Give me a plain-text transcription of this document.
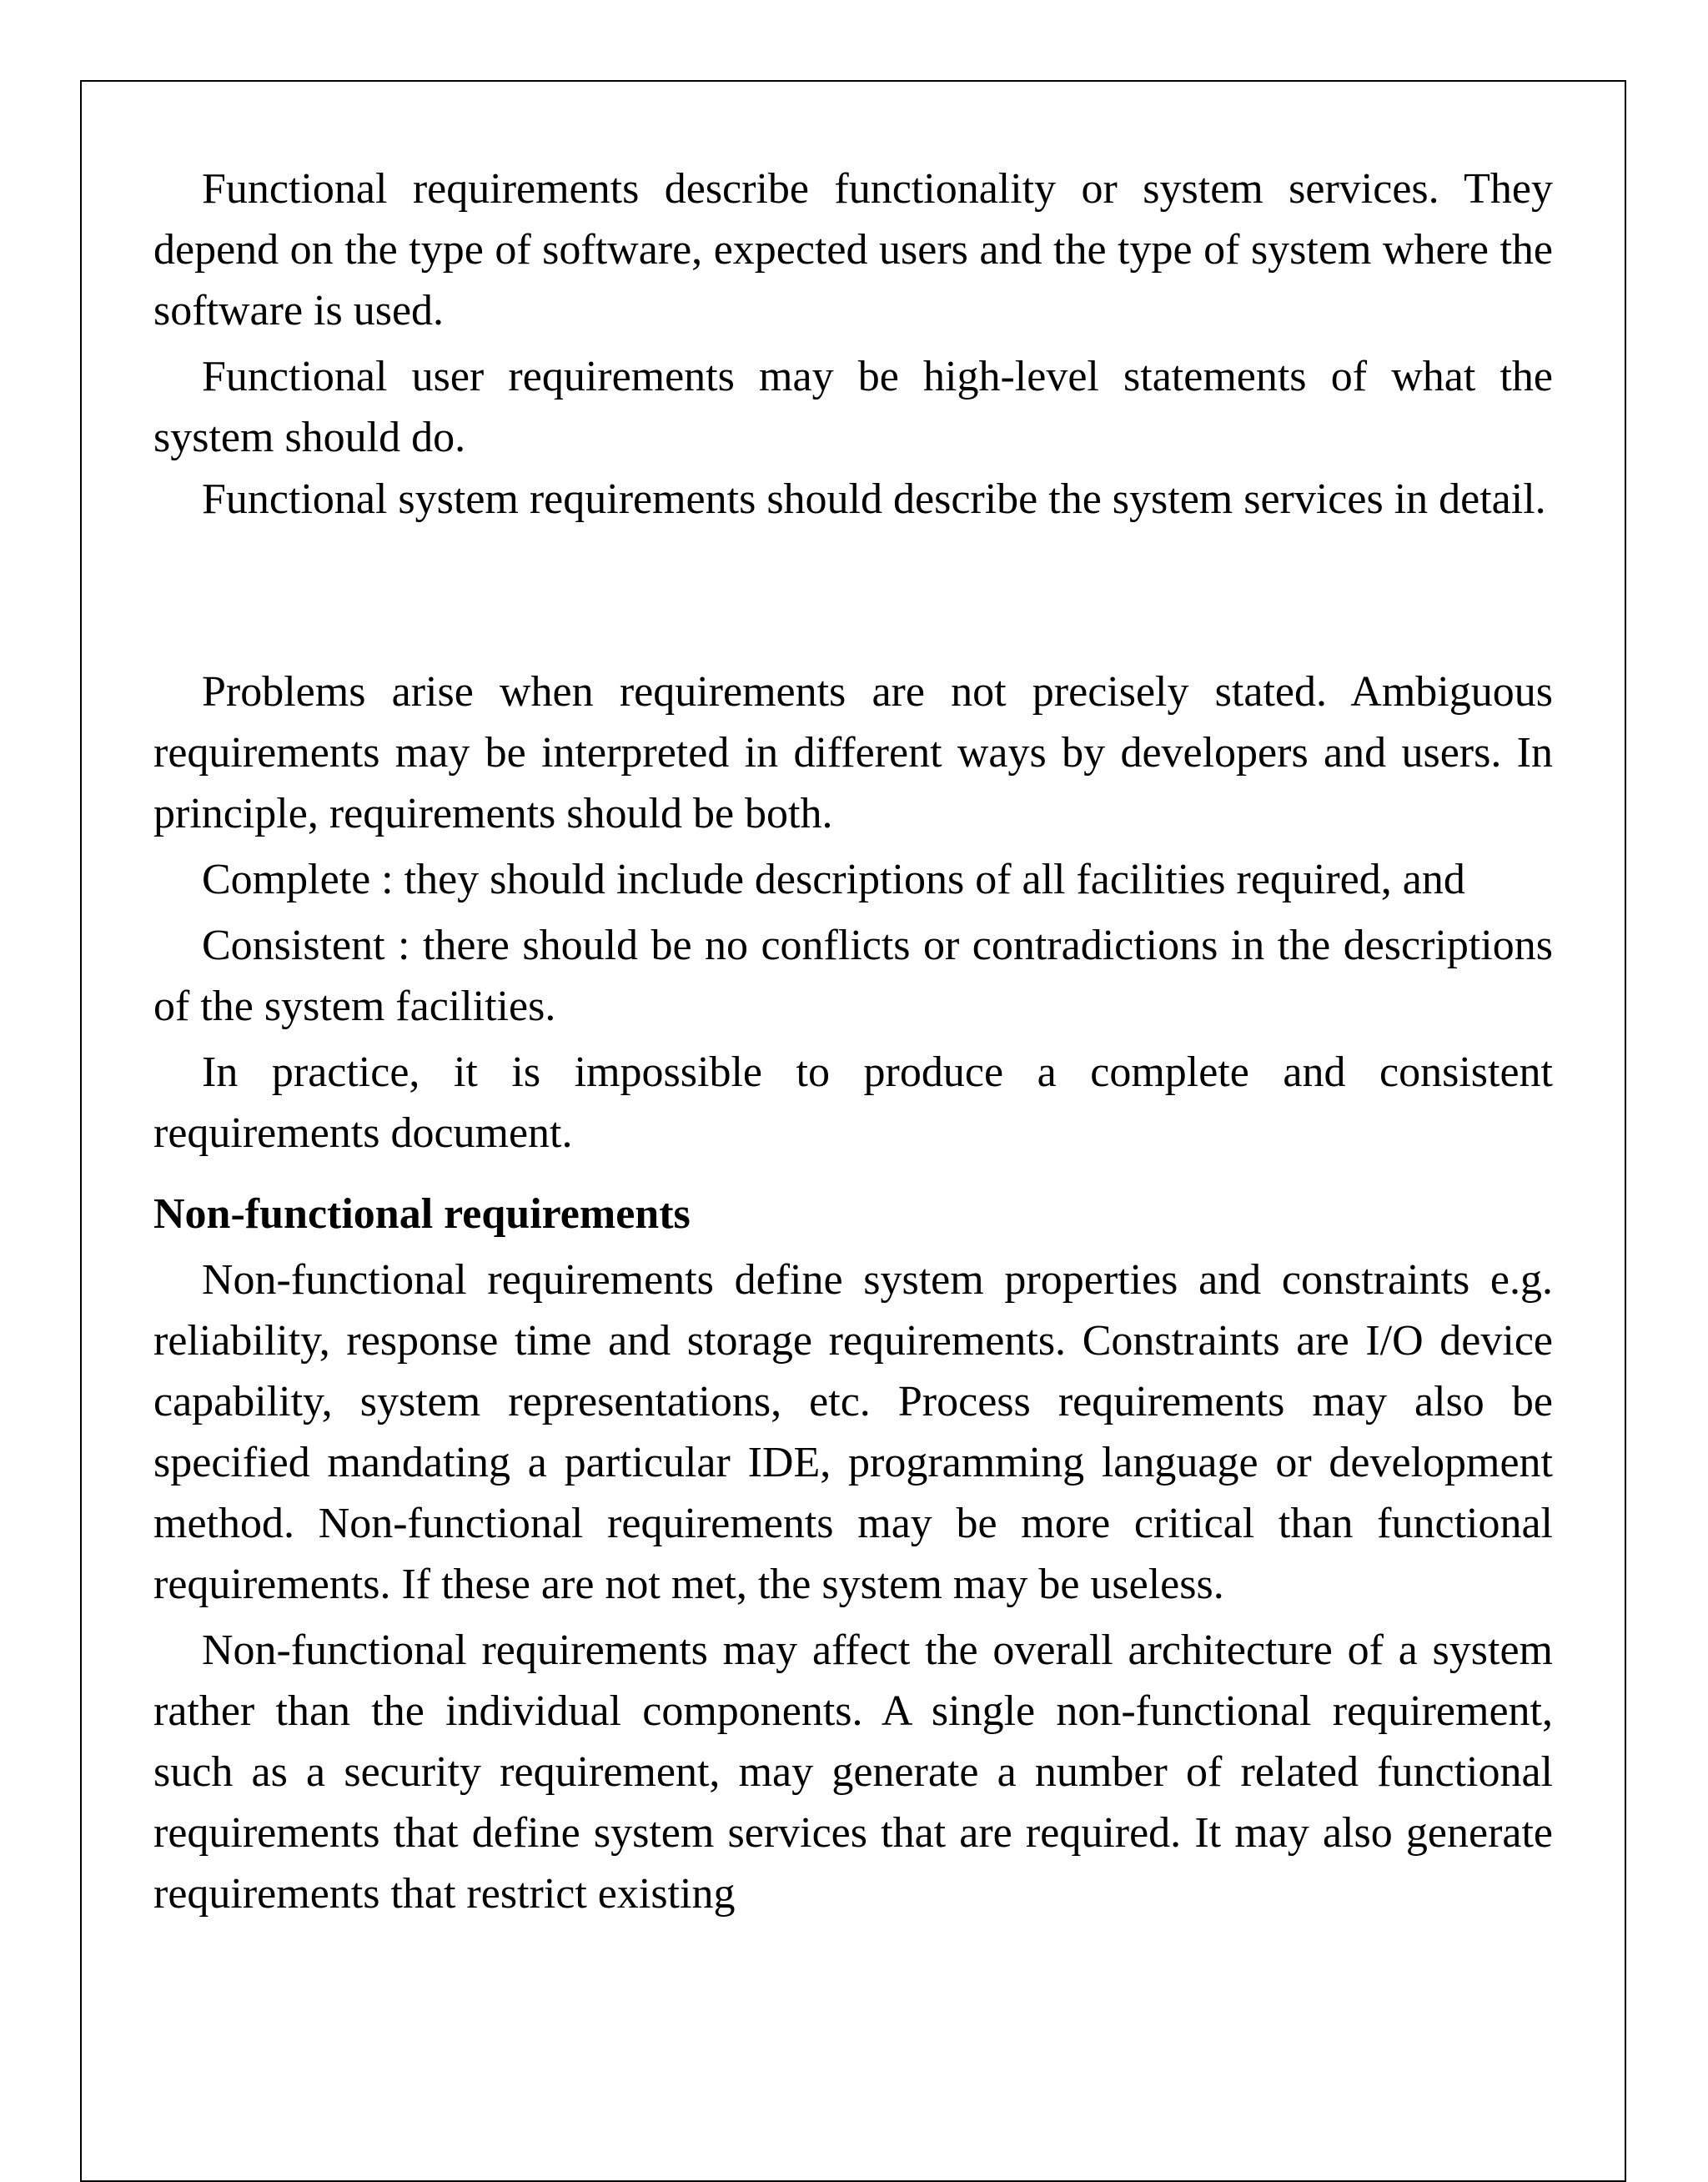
Functional requirements describe functionality or system services. They depend on the type of software, expected users and the type of system where the software is used.

Functional user requirements may be high-level statements of what the system should do.

Functional system requirements should describe the system services in detail.

Problems arise when requirements are not precisely stated. Ambiguous requirements may be interpreted in different ways by developers and users. In principle, requirements should be both.

Complete : they should include descriptions of all facilities required, and

Consistent : there should be no conflicts or contradictions in the descriptions of the system facilities.

In practice, it is impossible to produce a complete and consistent requirements document.

Non-functional requirements

Non-functional requirements define system properties and constraints e.g. reliability, response time and storage requirements. Constraints are I/O device capability, system representations, etc. Process requirements may also be specified mandating a particular IDE, programming language or development method. Non-functional requirements may be more critical than functional requirements. If these are not met, the system may be useless.

Non-functional requirements may affect the overall architecture of a system rather than the individual components. A single non-functional requirement, such as a security requirement, may generate a number of related functional requirements that define system services that are required. It may also generate requirements that restrict existing
